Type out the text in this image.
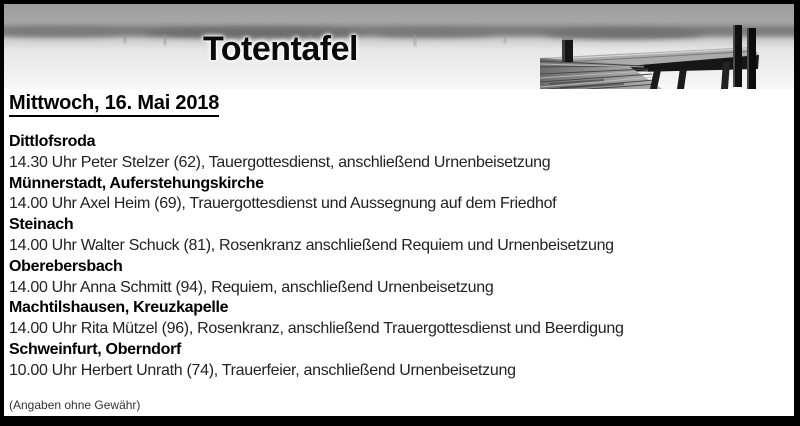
Totentafel
Mittwoch, 16. Mai 2018
Dittlofsroda
14.30 Uhr Peter Stelzer (62), Tauergottesdienst, anschließend Urnenbeisetzung
Münnerstadt, Auferstehungskirche
14.00 Uhr Axel Heim (69), Trauergottesdienst und Aussegnung auf dem Friedhof
Steinach
14.00 Uhr Walter Schuck (81), Rosenkranz anschließend Requiem und Urnenbeisetzung
Oberebersbach
14.00 Uhr Anna Schmitt (94), Requiem, anschließend Urnenbeisetzung
Machtilshausen, Kreuzkapelle
14.00 Uhr Rita Mützel (96), Rosenkranz, anschließend Trauergottesdienst und Beerdigung
Schweinfurt, Oberndorf
10.00 Uhr Herbert Unrath (74), Trauerfeier, anschließend Urnenbeisetzung
(Angaben ohne Gewähr)
